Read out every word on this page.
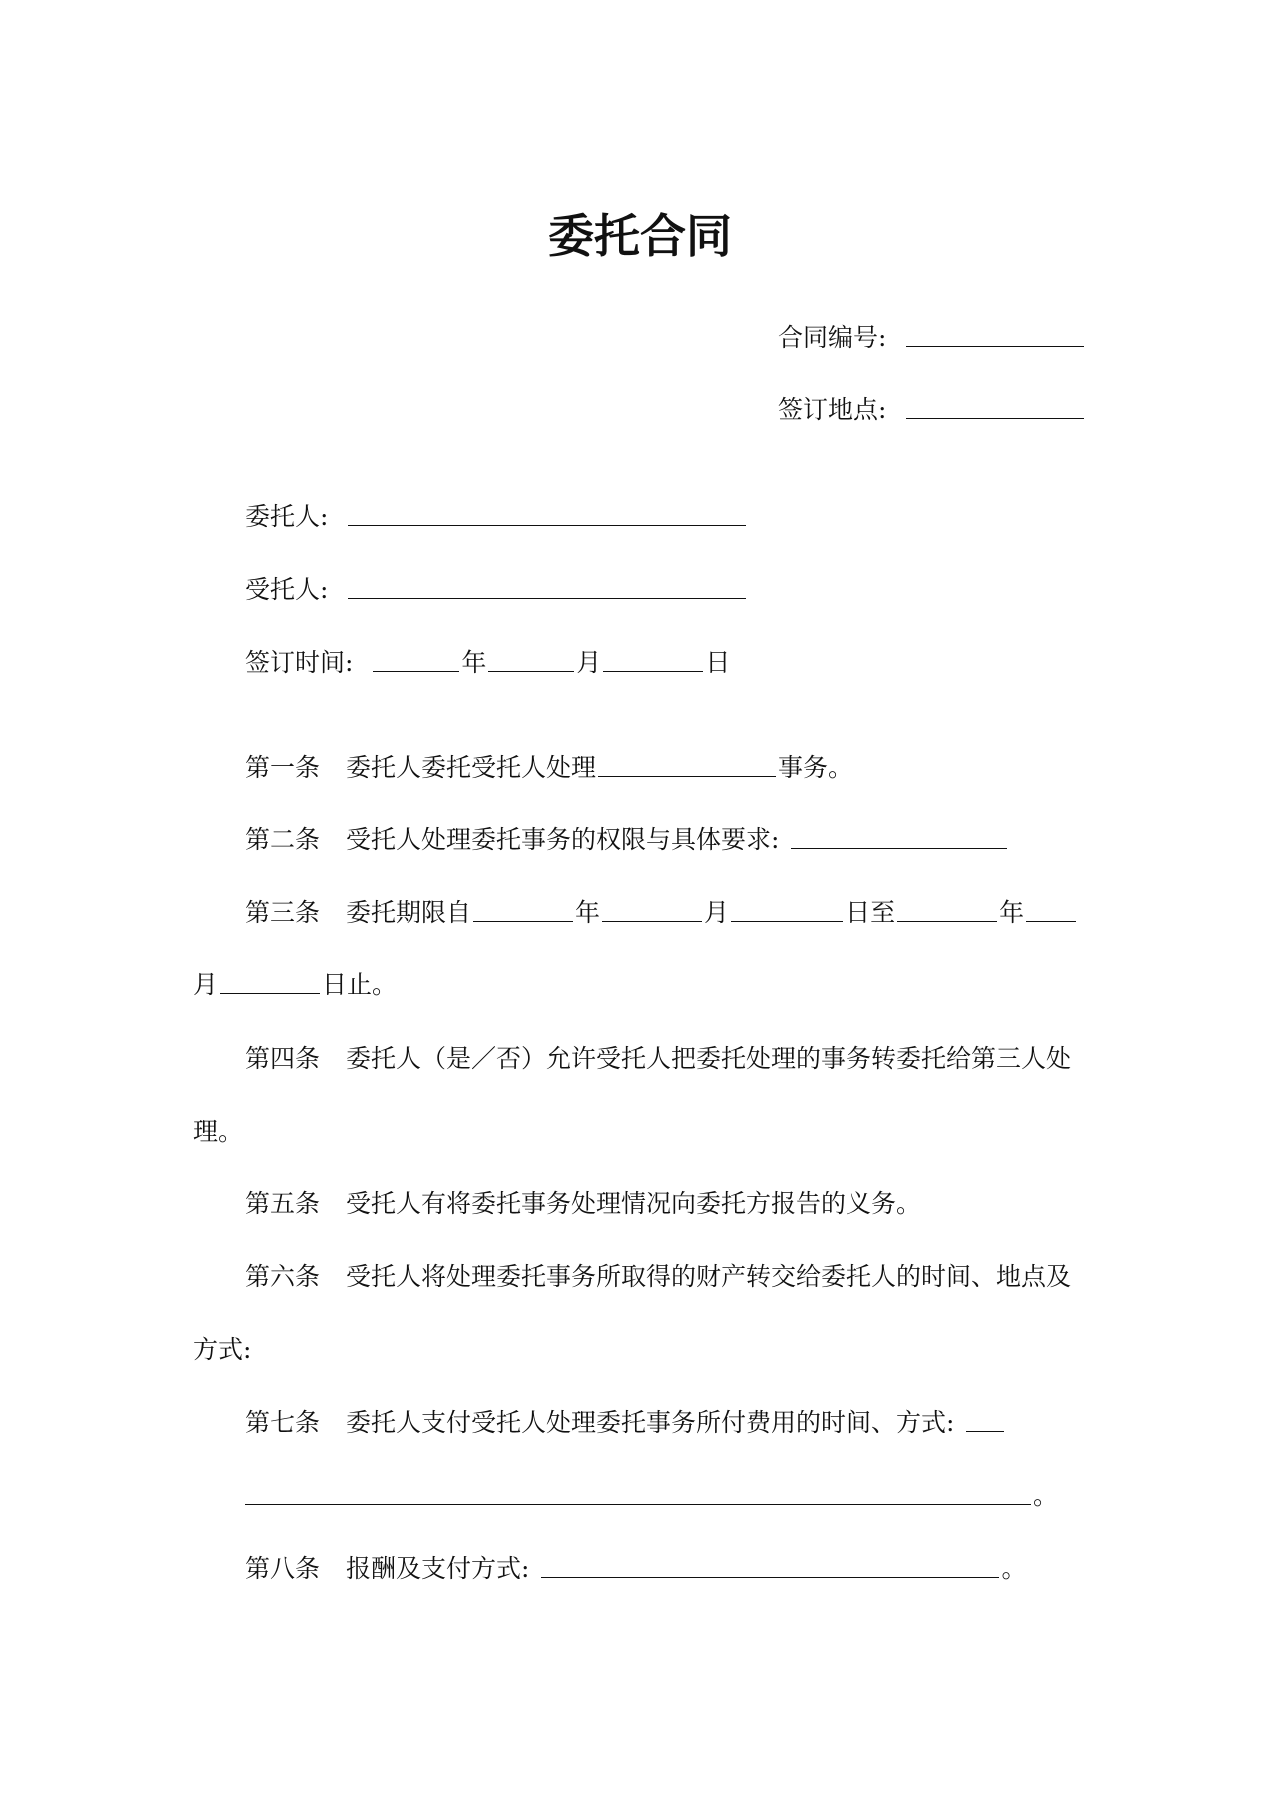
委托合同
合同编号:
签订地点:
委托人:
受托人:
签订时间:	年	月	日
第一条 委托人委托受托人处理	事务。
第二条 受托人处理委托事务的权限与具体要求:
第三条 委托期限自	年	月	日至	年
月	日止。
第四条 委托人（是／否）允许受托人把委托处理的事务转委托给第三人处
理。
第五条 受托人有将委托事务处理情况向委托方报告的义务。
第六条 受托人将处理委托事务所取得的财产转交给委托人的时间、地点及
方式:
第七条 委托人支付受托人处理委托事务所付费用的时间、方式:
。
第八条 报酬及支付方式:	。
